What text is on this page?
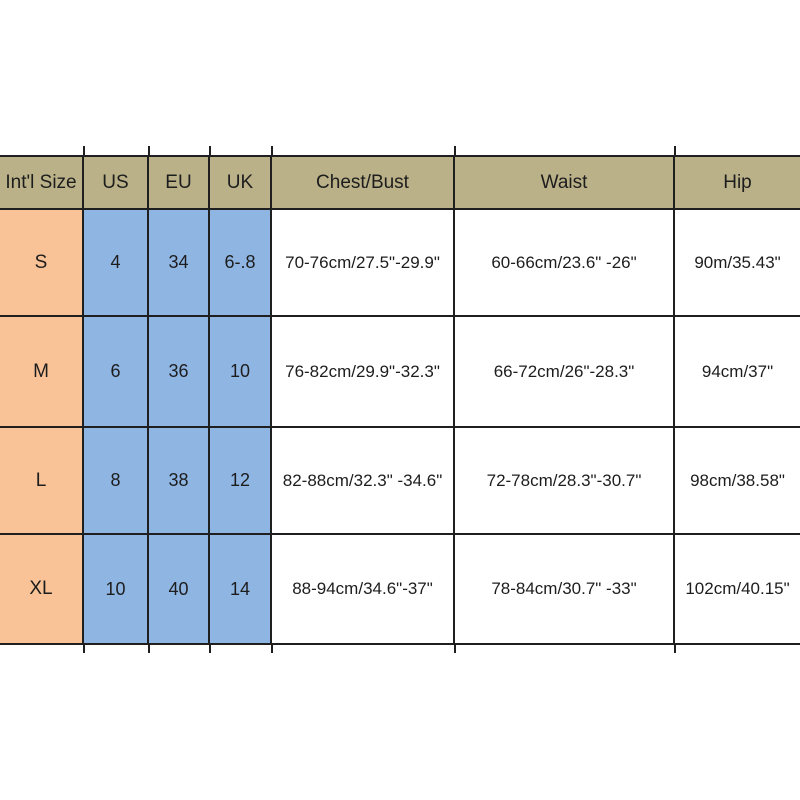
Int'l Size	US	EU	UK	Chest/Bust	Waist	Hip
S	4	34	6-.8	70-76cm/27.5"-29.9"	60-66cm/23.6" -26"	90m/35.43"
M	6	36	10	76-82cm/29.9"-32.3"	66-72cm/26"-28.3"	94cm/37"
L	8	38	12	82-88cm/32.3" -34.6"	72-78cm/28.3"-30.7"	98cm/38.58"
XL	10	40	14	88-94cm/34.6"-37"	78-84cm/30.7" -33"	102cm/40.15"
